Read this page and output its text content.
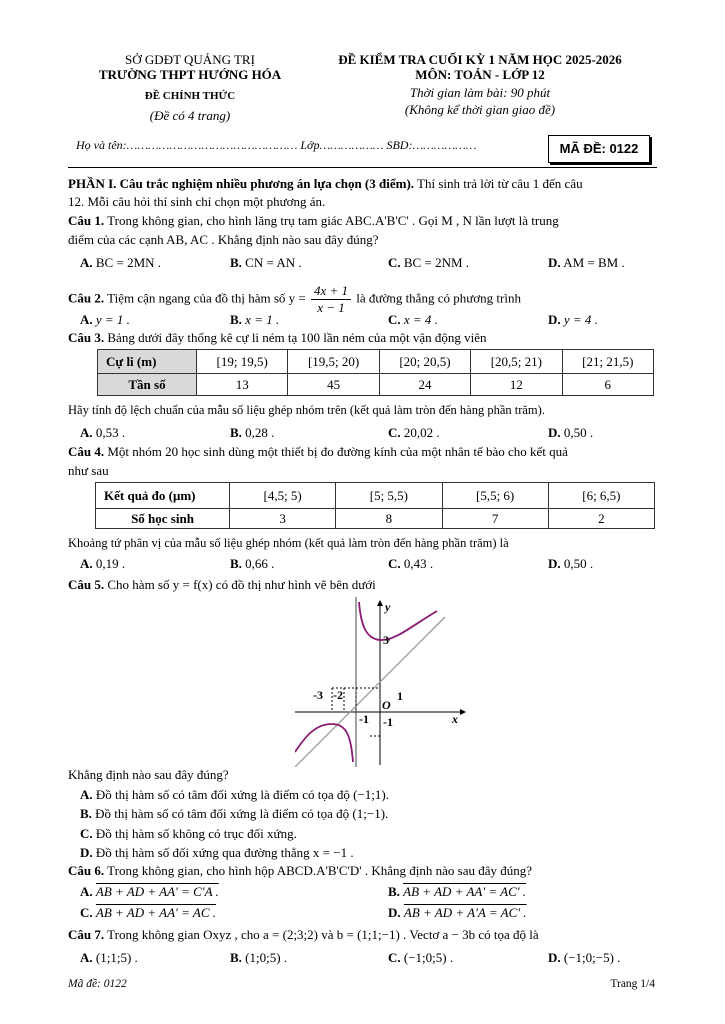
SỞ GDĐT QUẢNG TRỊ
TRƯỜNG THPT HƯỚNG HÓA
ĐỀ CHÍNH THỨC
(Đề có 4 trang)
ĐỀ KIỂM TRA CUỐI KỲ 1 NĂM HỌC 2025-2026
MÔN: TOÁN - LỚP 12
Thời gian làm bài: 90 phút
(Không kể thời gian giao đề)
Họ và tên:………………………………………… Lớp……………… SBD:………………	MÃ ĐỀ: 0122
PHẦN I. Câu trắc nghiệm nhiều phương án lựa chọn (3 điểm). Thí sinh trả lời từ câu 1 đến câu
12. Mỗi câu hỏi thí sinh chỉ chọn một phương án.
Câu 1. Trong không gian, cho hình lăng trụ tam giác ABC.A'B'C' . Gọi M , N lần lượt là trung
điểm của các cạnh AB, AC . Khẳng định nào sau đây đúng?
A. BC = 2MN .	B. CN = AN .	C. BC = 2NM .	D. AM = BM .
Câu 2. Tiệm cận ngang của đồ thị hàm số $y = \frac{4x + 1}{x - 1}$ là đường thẳng có phương trình
A. y = 1 .	B. x = 1 .	C. x = 4 .	D. y = 4 .
Câu 3. Bảng dưới đây thống kê cự li ném tạ 100 lần ném của một vận động viên
Cự li (m)	[19; 19,5)	[19,5; 20)	[20; 20,5)	[20,5; 21)	[21; 21,5)
Tần số	13	45	24	12	6
Hãy tính độ lệch chuẩn của mẫu số liệu ghép nhóm trên (kết quả làm tròn đến hàng phần trăm).
A. 0,53 .	B. 0,28 .	C. 20,02 .	D. 0,50 .
Câu 4. Một nhóm 20 học sinh dùng một thiết bị đo đường kính của một nhân tế bào cho kết quả
như sau
Kết quả đo (μm)	[4,5; 5)	[5; 5,5)	[5,5; 6)	[6; 6,5)
Số học sinh	3	8	7	2
Khoảng tứ phân vị của mẫu số liệu ghép nhóm (kết quả làm tròn đến hàng phần trăm) là
A. 0,19 .	B. 0,66 .	C. 0,43 .	D. 0,50 .
Câu 5. Cho hàm số y = f(x) có đồ thị như hình vẽ bên dưới
y
x
O
3
-3 -2	1
-1 -1
Khẳng định nào sau đây đúng?
A. Đồ thị hàm số có tâm đối xứng là điểm có tọa độ (−1;1).
B. Đồ thị hàm số có tâm đối xứng là điểm có tọa độ (1;−1).
C. Đồ thị hàm số không có trục đối xứng.
D. Đồ thị hàm số đối xứng qua đường thẳng x = −1 .
Câu 6. Trong không gian, cho hình hộp ABCD.A'B'C'D' . Khẳng định nào sau đây đúng?
A. AB + AD + AA' = C'A .	B. AB + AD + AA' = AC' .
C. AB + AD + AA' = AC .	D. AB + AD + A'A = AC' .
Câu 7. Trong không gian Oxyz , cho a = (2;3;2) và b = (1;1;−1) . Vectơ a − 3b có tọa độ là
A. (1;1;5) .	B. (1;0;5) .	C. (−1;0;5) .	D. (−1;0;−5) .
Mã đề: 0122	Trang 1/4
